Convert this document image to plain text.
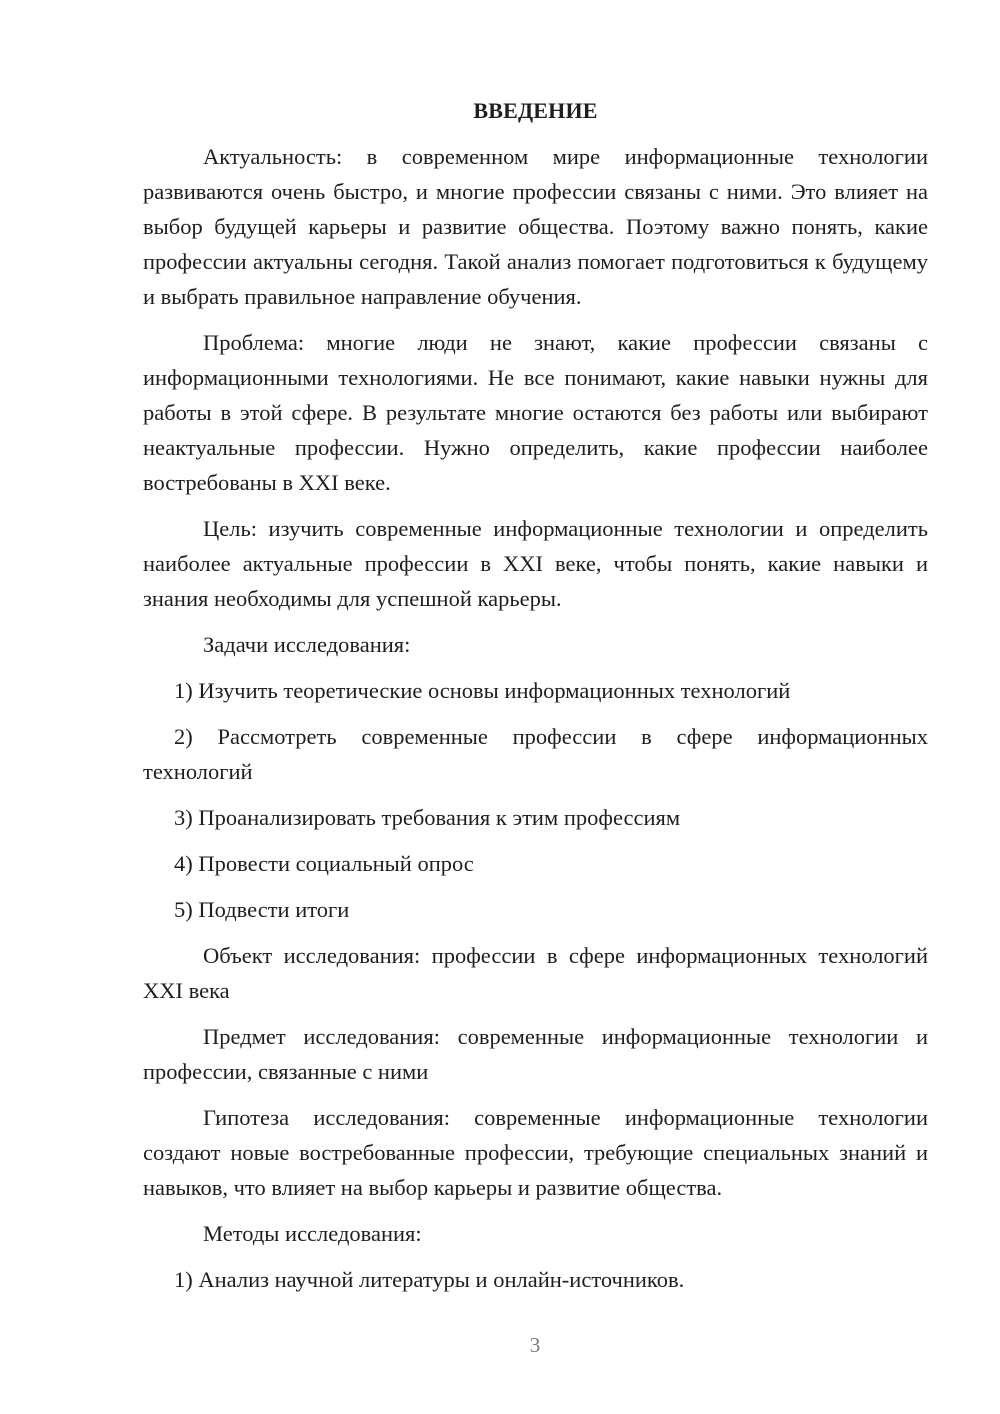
ВВЕДЕНИЕ

Актуальность: в современном мире информационные технологии развиваются очень быстро, и многие профессии связаны с ними. Это влияет на выбор будущей карьеры и развитие общества. Поэтому важно понять, какие профессии актуальны сегодня. Такой анализ помогает подготовиться к будущему и выбрать правильное направление обучения.

Проблема: многие люди не знают, какие профессии связаны с информационными технологиями. Не все понимают, какие навыки нужны для работы в этой сфере. В результате многие остаются без работы или выбирают неактуальные профессии. Нужно определить, какие профессии наиболее востребованы в XXI веке.

Цель: изучить современные информационные технологии и определить наиболее актуальные профессии в XXI веке, чтобы понять, какие навыки и знания необходимы для успешной карьеры.

Задачи исследования:

1) Изучить теоретические основы информационных технологий

2) Рассмотреть современные профессии в сфере информационных технологий

3) Проанализировать требования к этим профессиям

4) Провести социальный опрос

5) Подвести итоги

Объект исследования: профессии в сфере информационных технологий XXI века

Предмет исследования: современные информационные технологии и профессии, связанные с ними

Гипотеза исследования: современные информационные технологии создают новые востребованные профессии, требующие специальных знаний и навыков, что влияет на выбор карьеры и развитие общества.

Методы исследования:

1) Анализ научной литературы и онлайн-источников.

3
